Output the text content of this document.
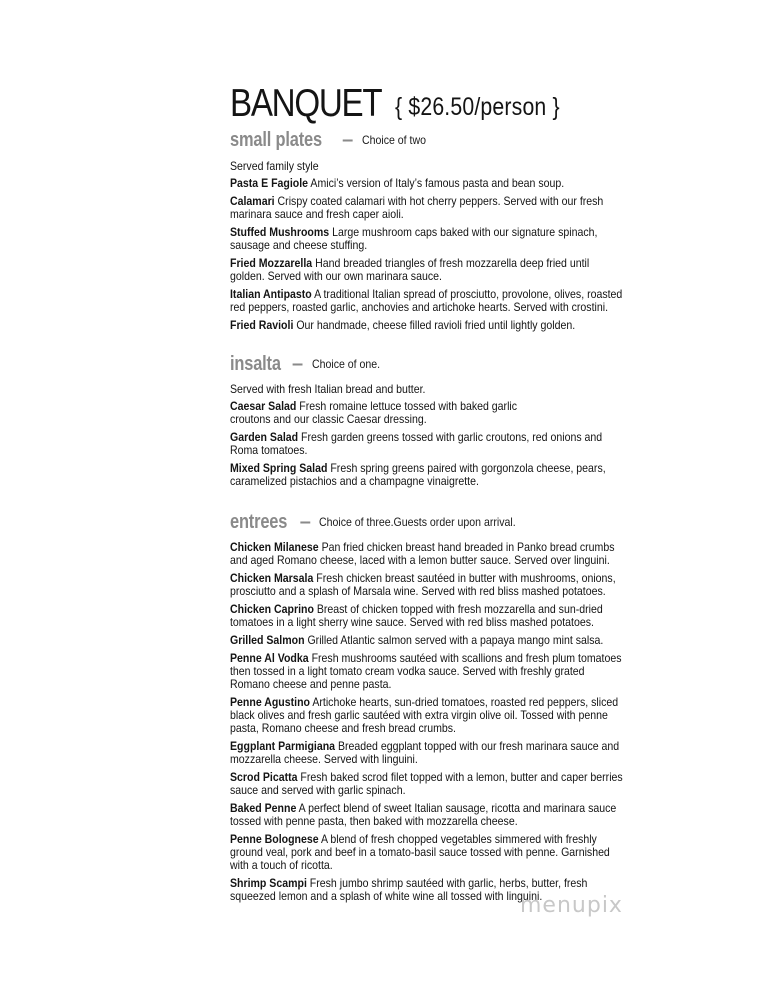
BANQUET { $26.50/person }
small plates – Choice of two
Served family style
Pasta E Fagiole Amici’s version of Italy’s famous pasta and bean soup.
Calamari Crispy coated calamari with hot cherry peppers. Served with our fresh marinara sauce and fresh caper aioli.
Stuffed Mushrooms Large mushroom caps baked with our signature spinach, sausage and cheese stuffing.
Fried Mozzarella Hand breaded triangles of fresh mozzarella deep fried until golden. Served with our own marinara sauce.
Italian Antipasto A traditional Italian spread of prosciutto, provolone, olives, roasted red peppers, roasted garlic, anchovies and artichoke hearts. Served with crostini.
Fried Ravioli Our handmade, cheese filled ravioli fried until lightly golden.
insalta – Choice of one.
Served with fresh Italian bread and butter.
Caesar Salad Fresh romaine lettuce tossed with baked garlic croutons and our classic Caesar dressing.
Garden Salad Fresh garden greens tossed with garlic croutons, red onions and Roma tomatoes.
Mixed Spring Salad Fresh spring greens paired with gorgonzola cheese, pears, caramelized pistachios and a champagne vinaigrette.
entrees – Choice of three.Guests order upon arrival.
Chicken Milanese Pan fried chicken breast hand breaded in Panko bread crumbs and aged Romano cheese, laced with a lemon butter sauce. Served over linguini.
Chicken Marsala Fresh chicken breast sautéed in butter with mushrooms, onions, prosciutto and a splash of Marsala wine. Served with red bliss mashed potatoes.
Chicken Caprino Breast of chicken topped with fresh mozzarella and sun-dried tomatoes in a light sherry wine sauce. Served with red bliss mashed potatoes.
Grilled Salmon Grilled Atlantic salmon served with a papaya mango mint salsa.
Penne Al Vodka Fresh mushrooms sautéed with scallions and fresh plum tomatoes then tossed in a light tomato cream vodka sauce. Served with freshly grated Romano cheese and penne pasta.
Penne Agustino Artichoke hearts, sun-dried tomatoes, roasted red peppers, sliced black olives and fresh garlic sautéed with extra virgin olive oil. Tossed with penne pasta, Romano cheese and fresh bread crumbs.
Eggplant Parmigiana Breaded eggplant topped with our fresh marinara sauce and mozzarella cheese. Served with linguini.
Scrod Picatta Fresh baked scrod filet topped with a lemon, butter and caper berries sauce and served with garlic spinach.
Baked Penne A perfect blend of sweet Italian sausage, ricotta and marinara sauce tossed with penne pasta, then baked with mozzarella cheese.
Penne Bolognese A blend of fresh chopped vegetables simmered with freshly ground veal, pork and beef in a tomato-basil sauce tossed with penne. Garnished with a touch of ricotta.
Shrimp Scampi Fresh jumbo shrimp sautéed with garlic, herbs, butter, fresh squeezed lemon and a splash of white wine all tossed with linguini.
menupix
